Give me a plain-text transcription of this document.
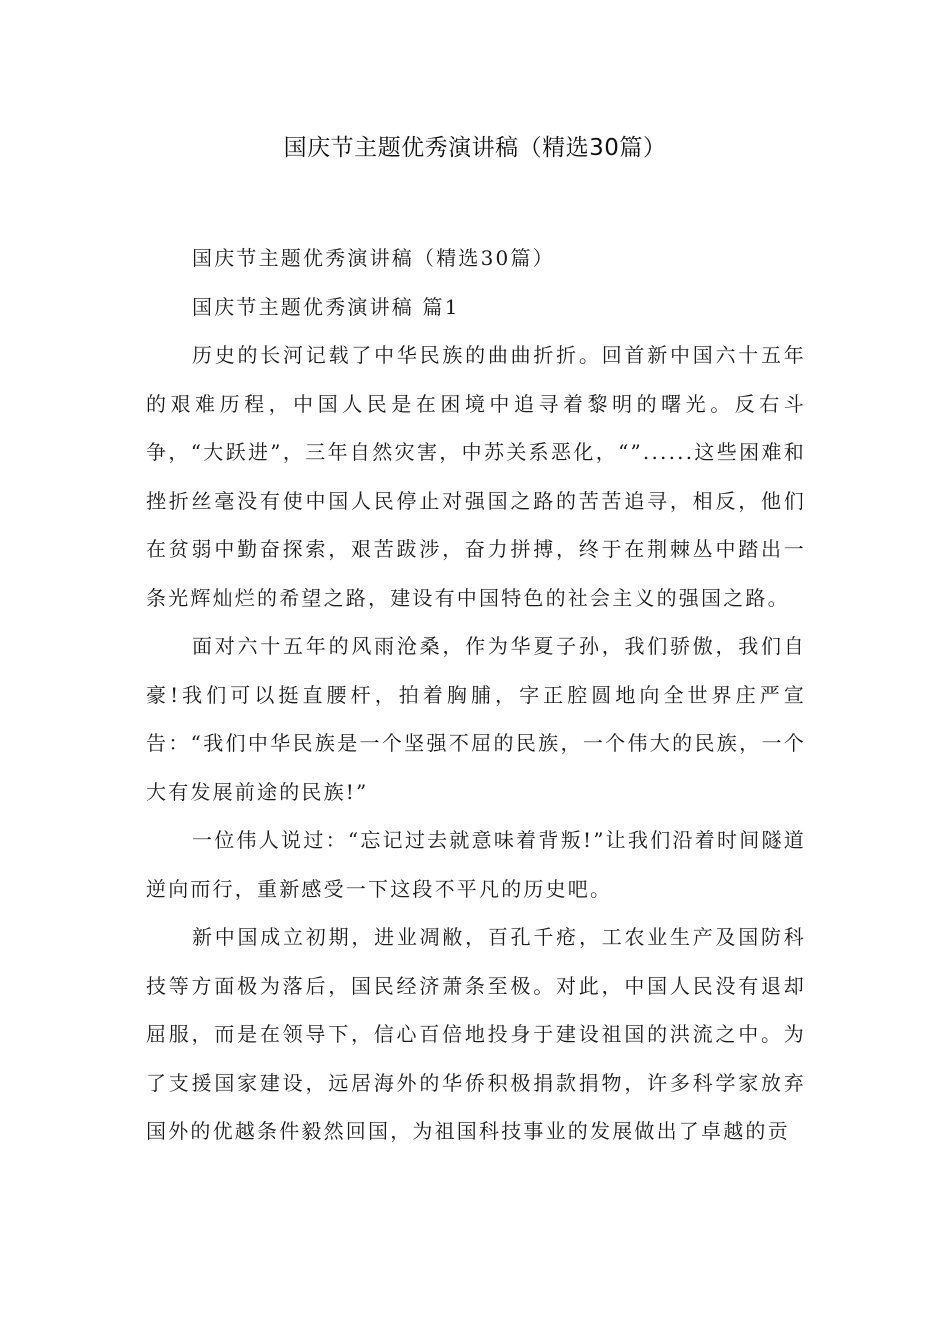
国庆节主题优秀演讲稿（精选30篇）

国庆节主题优秀演讲稿（精选30篇）

国庆节主题优秀演讲稿 篇1

历史的长河记载了中华民族的曲曲折折。回首新中国六十五年的艰难历程，中国人民是在困境中追寻着黎明的曙光。反右斗争，“大跃进”，三年自然灾害，中苏关系恶化，“”......这些困难和挫折丝毫没有使中国人民停止对强国之路的苦苦追寻，相反，他们在贫弱中勤奋探索，艰苦跋涉，奋力拼搏，终于在荆棘丛中踏出一条光辉灿烂的希望之路，建设有中国特色的社会主义的强国之路。

面对六十五年的风雨沧桑，作为华夏子孙，我们骄傲，我们自豪!我们可以挺直腰杆，拍着胸脯，字正腔圆地向全世界庄严宣告：“我们中华民族是一个坚强不屈的民族，一个伟大的民族，一个大有发展前途的民族!”

一位伟人说过：“忘记过去就意味着背叛!”让我们沿着时间隧道逆向而行，重新感受一下这段不平凡的历史吧。

新中国成立初期，进业凋敝，百孔千疮，工农业生产及国防科技等方面极为落后，国民经济萧条至极。对此，中国人民没有退却屈服，而是在领导下，信心百倍地投身于建设祖国的洪流之中。为了支援国家建设，远居海外的华侨积极捐款捐物，许多科学家放弃国外的优越条件毅然回国，为祖国科技事业的发展做出了卓越的贡
